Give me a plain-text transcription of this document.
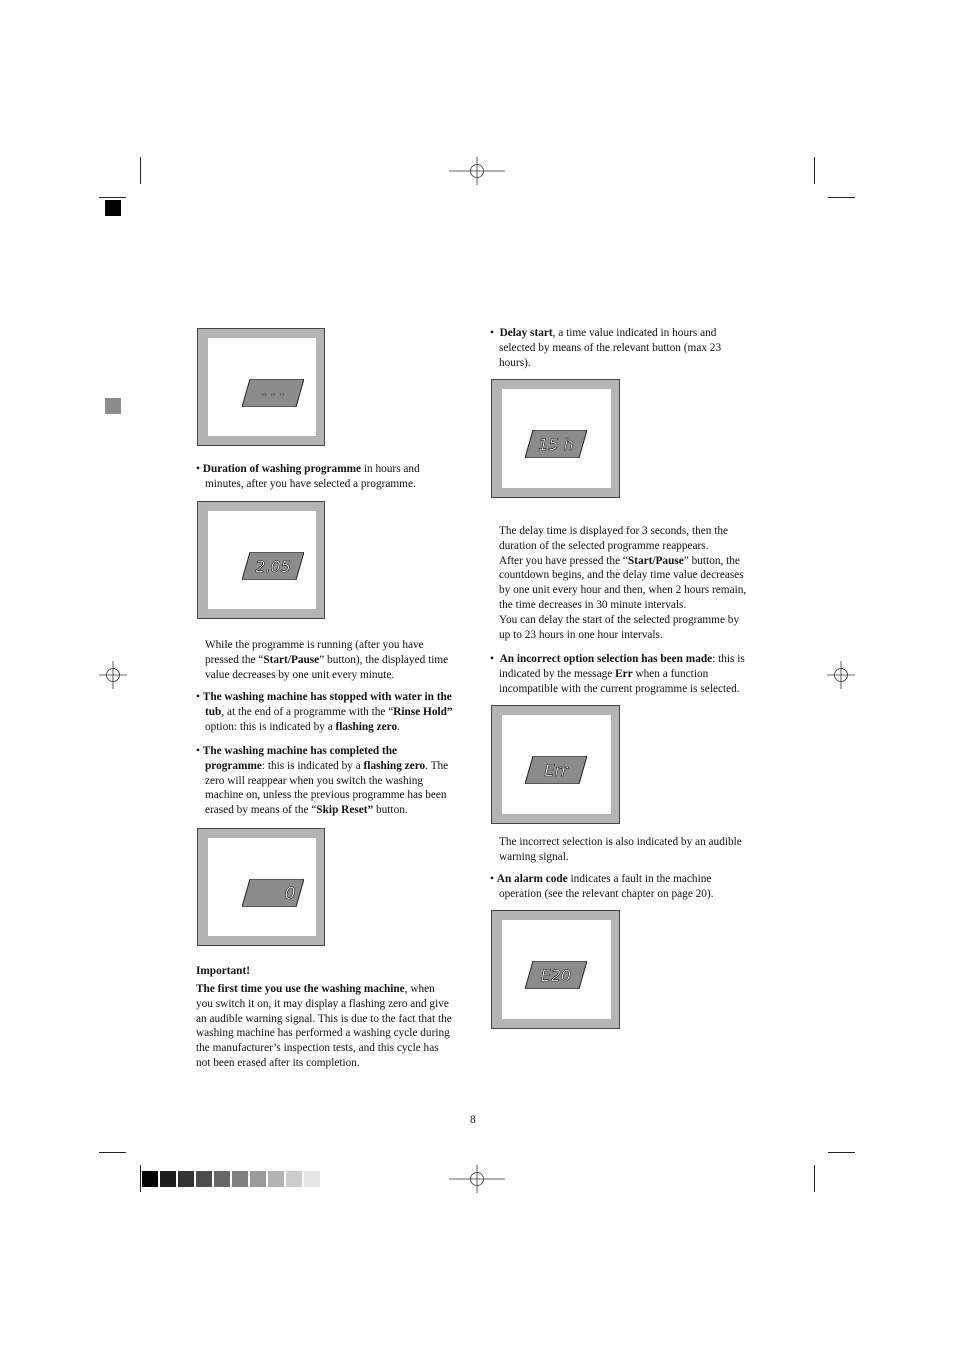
- - -
• Duration of washing programme in hours and
minutes, after you have selected a programme.
2.05
While the programme is running (after you have
pressed the “Start/Pause” button), the displayed time
value decreases by one unit every minute.
• The washing machine has stopped with water in the
tub, at the end of a programme with the “Rinse Hold”
option: this is indicated by a flashing zero.
• The washing machine has completed the
programme: this is indicated by a flashing zero. The
zero will reappear when you switch the washing
machine on, unless the previous programme has been
erased by means of the “Skip Reset” button.
0
Important!
The first time you use the washing machine, when
you switch it on, it may display a flashing zero and give
an audible warning signal. This is due to the fact that the
washing machine has performed a washing cycle during
the manufacturer’s inspection tests, and this cycle has
not been erased after its completion.
•  Delay start, a time value indicated in hours and
selected by means of the relevant button (max 23
hours).
15 h
The delay time is displayed for 3 seconds, then the
duration of the selected programme reappears.
After you have pressed the “Start/Pause” button, the
countdown begins, and the delay time value decreases
by one unit every hour and then, when 2 hours remain,
the time decreases in 30 minute intervals.
You can delay the start of the selected programme by
up to 23 hours in one hour intervals.
•  An incorrect option selection has been made: this is
indicated by the message Err when a function
incompatible with the current programme is selected.
Err
The incorrect selection is also indicated by an audible
warning signal.
• An alarm code indicates a fault in the machine
operation (see the relevant chapter on page 20).
E20
8
